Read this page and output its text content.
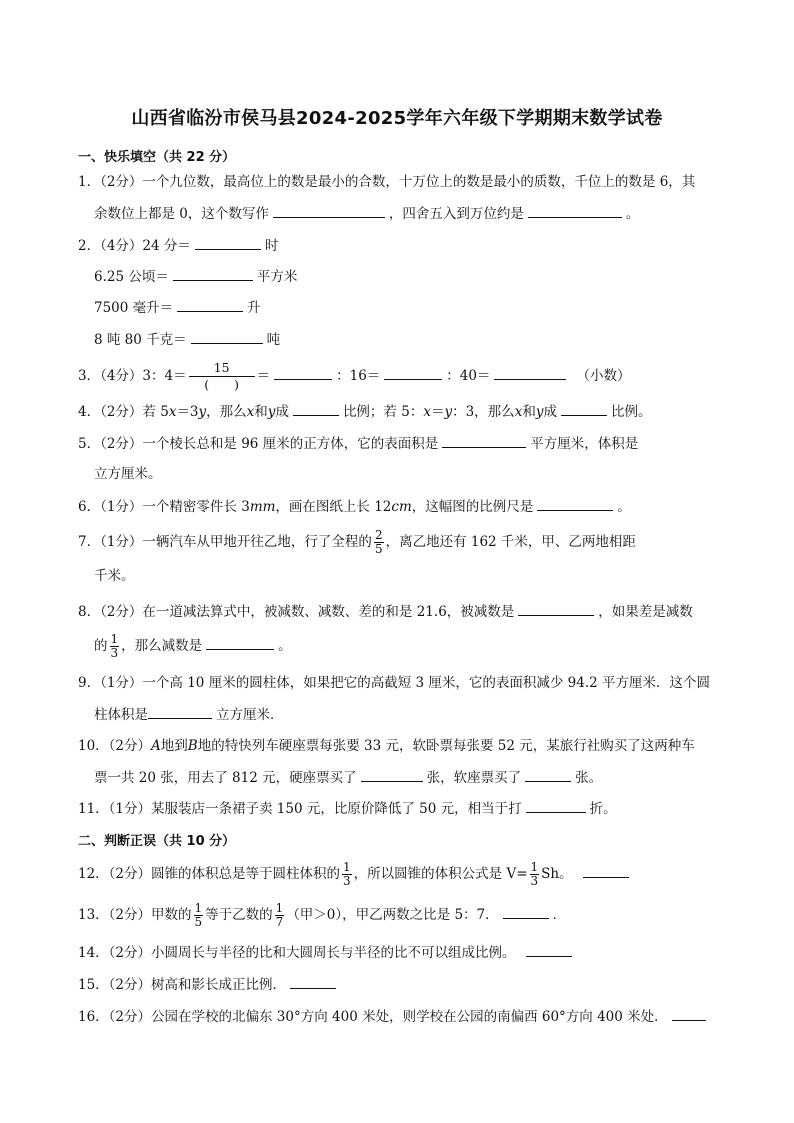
山西省临汾市侯马县2024-2025学年六年级下学期期末数学试卷
一、快乐填空（共 22 分）
1．（2分）一个九位数，最高位上的数是最小的合数，十万位上的数是最小的质数，千位上的数是 6，其
余数位上都是 0，这个数写作	，四舍五入到万位约是	。
2．（4分）24 分＝	时
6.25 公顷＝	平方米
7500 毫升＝	升
8 吨 80 千克＝	吨
3．（4分）3：4＝
15
(　　)
＝	：16＝	：40＝	（小数）
4．（2分）若 5x＝3y，那么x和y成	比例；若 5：x＝y：3，那么x和y成	比例。
5．（2分）一个棱长总和是 96 厘米的正方体，它的表面积是	平方厘米，体积是
立方厘米。
6．（1分）一个精密零件长 3mm，画在图纸上长 12cm，这幅图的比例尺是	。
7．（1分）一辆汽车从甲地开往乙地，行了全程的 $\frac{2}{5}$ ，离乙地还有 162 千米，甲、乙两地相距
千米。
8．（2分）在一道减法算式中，被减数、减数、差的和是 21.6，被减数是	，如果差是减数
的 $\frac{1}{3}$ ，那么减数是	。
9．（1分）一个高 10 厘米的圆柱体，如果把它的高截短 3 厘米，它的表面积减少 94.2 平方厘米．这个圆
柱体积是	立方厘米．
10．（2分）A地到B地的特快列车硬座票每张要 33 元，软卧票每张要 52 元，某旅行社购买了这两种车
票一共 20 张，用去了 812 元，硬座票买了	张，软座票买了	张。
11．（1分）某服装店一条裙子卖 150 元，比原价降低了 50 元，相当于打	折。
二、判断正误（共 10 分）
12．（2分）圆锥的体积总是等于圆柱体积的 $\frac{1}{3}$ ，所以圆锥的体积公式是 $V= \frac{1}{3}$ Sh。
13．（2分）甲数的 $\frac{1}{5}$ 等于乙数的 $\frac{1}{7}$ （甲＞0），甲乙两数之比是 5：7．	．
14．（2分）小圆周长与半径的比和大圆周长与半径的比不可以组成比例。
15．（2分）树高和影长成正比例．
16．（2分）公园在学校的北偏东 30°方向 400 米处，则学校在公园的南偏西 60°方向 400 米处．
